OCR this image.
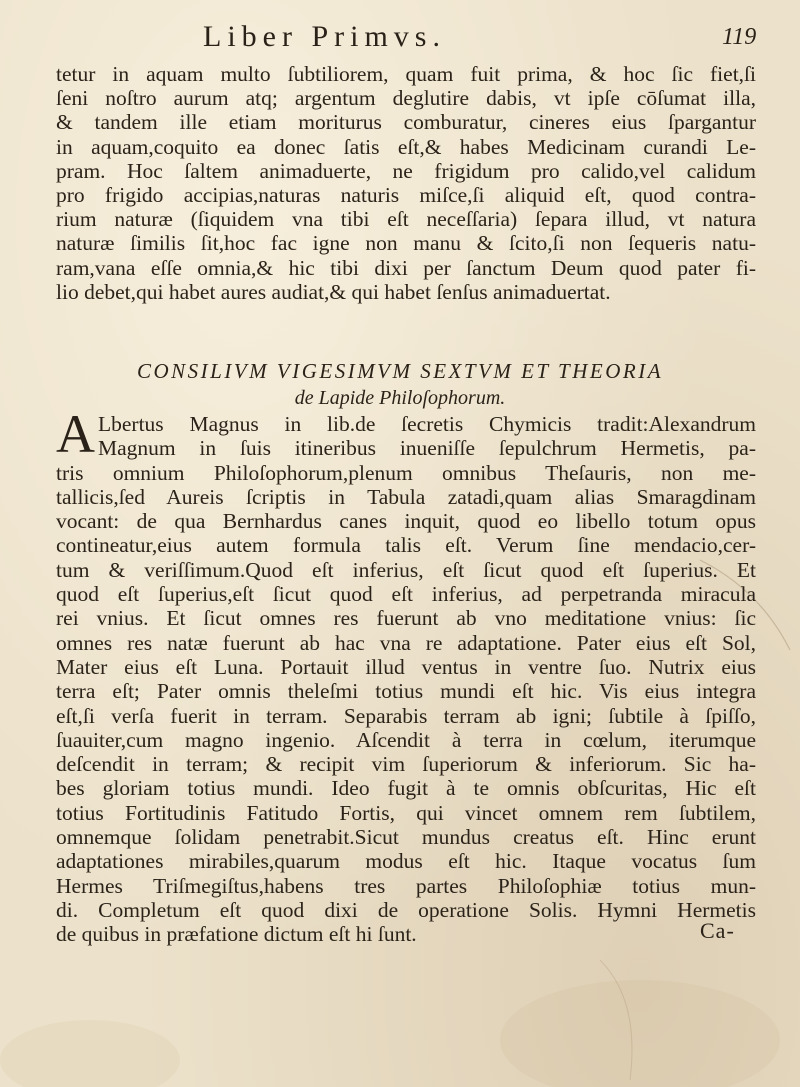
Liber Primvs.	119
tetur in aquam multo ſubtiliorem, quam fuit prima, & hoc ſic fiet,ſi
ſeni noſtro aurum atq; argentum deglutire dabis, vt ipſe cōſumat illa,
& tandem ille etiam moriturus comburatur, cineres eius ſpargantur
in aquam,coquito ea donec ſatis eſt,& habes Medicinam curandi Le-
pram. Hoc ſaltem animaduerte, ne frigidum pro calido,vel calidum
pro frigido accipias,naturas naturis miſce,ſi aliquid eſt, quod contra-
rium naturæ (ſiquidem vna tibi eſt neceſſaria) ſepara illud, vt natura
naturæ ſimilis ſit,hoc fac igne non manu & ſcito,ſi non ſequeris natu-
ram,vana eſſe omnia,& hic tibi dixi per ſanctum Deum quod pater fi-
lio debet,qui habet aures audiat,& qui habet ſenſus animaduertat.
CONSILIVM VIGESIMVM SEXTVM ET THEORIA
de Lapide Philoſophorum.
A Lbertus Magnus in lib.de ſecretis Chymicis tradit:Alexandrum
Magnum in ſuis itineribus inueniſſe ſepulchrum Hermetis, pa-
tris omnium Philoſophorum,plenum omnibus Theſauris, non me-
tallicis,ſed Aureis ſcriptis in Tabula zatadi,quam alias Smaragdinam
vocant: de qua Bernhardus canes inquit, quod eo libello totum opus
contineatur,eius autem formula talis eſt. Verum ſine mendacio,cer-
tum & veriſſimum.Quod eſt inferius, eſt ſicut quod eſt ſuperius. Et
quod eſt ſuperius,eſt ſicut quod eſt inferius, ad perpetranda miracula
rei vnius. Et ſicut omnes res fuerunt ab vno meditatione vnius: ſic
omnes res natæ fuerunt ab hac vna re adaptatione. Pater eius eſt Sol,
Mater eius eſt Luna. Portauit illud ventus in ventre ſuo. Nutrix eius
terra eſt; Pater omnis theleſmi totius mundi eſt hic. Vis eius integra
eſt,ſi verſa fuerit in terram. Separabis terram ab igni; ſubtile à ſpiſſo,
ſuauiter,cum magno ingenio. Aſcendit à terra in cœlum, iterumque
deſcendit in terram; & recipit vim ſuperiorum & inferiorum. Sic ha-
bes gloriam totius mundi. Ideo fugit à te omnis obſcuritas, Hic eſt
totius Fortitudinis Fatitudo Fortis, qui vincet omnem rem ſubtilem,
omnemque ſolidam penetrabit.Sicut mundus creatus eſt. Hinc erunt
adaptationes mirabiles,quarum modus eſt hic. Itaque vocatus ſum
Hermes Triſmegiſtus,habens tres partes Philoſophiæ totius mun-
di. Completum eſt quod dixi de operatione Solis. Hymni Hermetis
de quibus in præfatione dictum eſt hi ſunt.	Ca-
